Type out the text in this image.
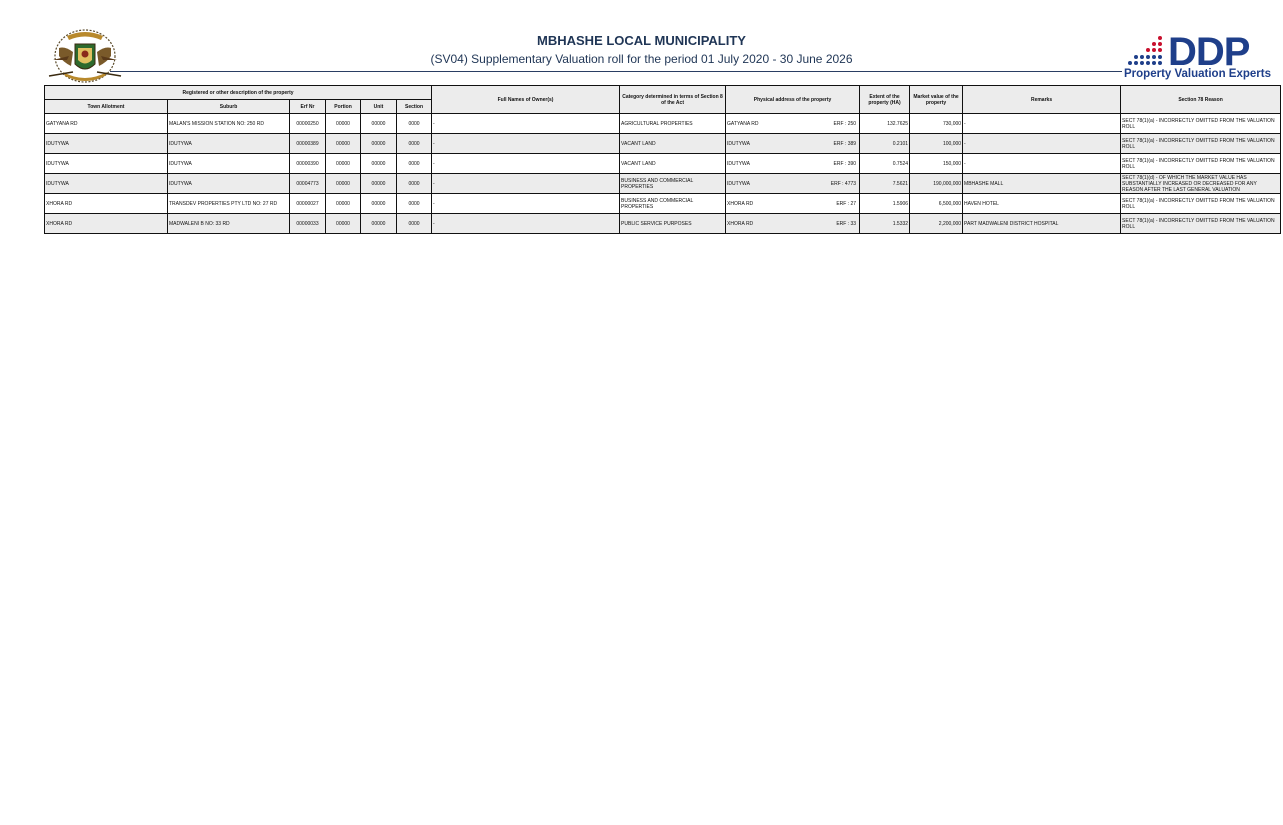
MBHASHE LOCAL MUNICIPALITY
(SV04) Supplementary Valuation roll for the period 01 July 2020 - 30 June 2026	DDP
Property Valuation Experts
Registered or other description of the property						Full Names of Owner(s)	Category determined in terms of Section 8 of the Act	Physical address of the property	Extent of the property (HA)	Market value of the property	Remarks	Section 78 Reason
Town Allotment	Suburb	Erf Nr	Portion	Unit	Section							
GATYANA RD	MALAN'S MISSION STATION NO: 250 RD	00000250	00000	00000	0000	-	AGRICULTURAL PROPERTIES	GATYANA RD ERF : 250	132.7625	730,000	-	SECT 78(1)(a) - INCORRECTLY OMITTED FROM THE VALUATION ROLL
IDUTYWA	IDUTYWA	00000389	00000	00000	0000	-	VACANT LAND	IDUTYWA ERF : 389	0.2101	100,000	-	SECT 78(1)(a) - INCORRECTLY OMITTED FROM THE VALUATION ROLL
IDUTYWA	IDUTYWA	00000390	00000	00000	0000	-	VACANT LAND	IDUTYWA ERF : 390	0.7524	150,000	-	SECT 78(1)(a) - INCORRECTLY OMITTED FROM THE VALUATION ROLL
IDUTYWA	IDUTYWA	00004773	00000	00000	0000	-	BUSINESS AND COMMERCIAL PROPERTIES	IDUTYWA ERF : 4773	7.5621	190,000,000	MBHASHE MALL	SECT 78(1)(d) - OF WHICH THE MARKET VALUE HAS SUBSTANTIALLY INCREASED OR DECREASED FOR ANY REASON AFTER THE LAST GENERAL VALUATION
XHORA RD	TRANSDEV PROPERTIES PTY LTD NO: 27 RD	00000027	00000	00000	0000	-	BUSINESS AND COMMERCIAL PROPERTIES	XHORA RD ERF : 27	1.5906	6,500,000	HAVEN HOTEL	SECT 78(1)(a) - INCORRECTLY OMITTED FROM THE VALUATION ROLL
XHORA RD	MADWALENI B NO: 33 RD	00000033	00000	00000	0000	-	PUBLIC SERVICE PURPOSES	XHORA RD ERF : 33	1.5332	2,200,000	PART MADWALENI DISTRICT HOSPITAL	SECT 78(1)(a) - INCORRECTLY OMITTED FROM THE VALUATION ROLL
